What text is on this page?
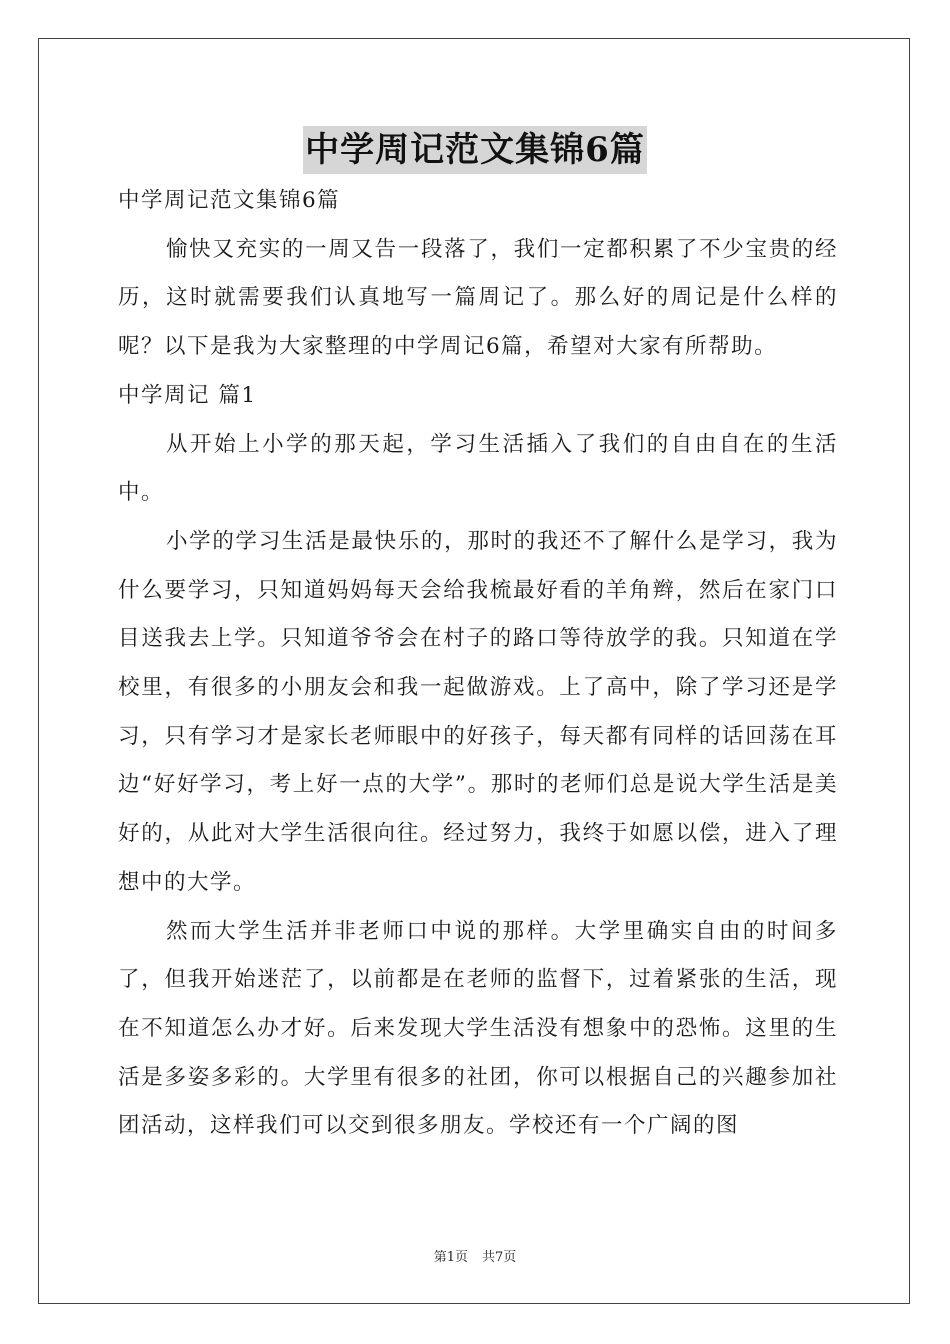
中学周记范文集锦6篇

中学周记范文集锦6篇

愉快又充实的一周又告一段落了，我们一定都积累了不少宝贵的经历，这时就需要我们认真地写一篇周记了。那么好的周记是什么样的呢？以下是我为大家整理的中学周记6篇，希望对大家有所帮助。

中学周记 篇1

从开始上小学的那天起，学习生活插入了我们的自由自在的生活中。

小学的学习生活是最快乐的，那时的我还不了解什么是学习，我为什么要学习，只知道妈妈每天会给我梳最好看的羊角辫，然后在家门口目送我去上学。只知道爷爷会在村子的路口等待放学的我。只知道在学校里，有很多的小朋友会和我一起做游戏。上了高中，除了学习还是学习，只有学习才是家长老师眼中的好孩子，每天都有同样的话回荡在耳边“好好学习，考上好一点的大学”。那时的老师们总是说大学生活是美好的，从此对大学生活很向往。经过努力，我终于如愿以偿，进入了理想中的大学。

然而大学生活并非老师口中说的那样。大学里确实自由的时间多了，但我开始迷茫了，以前都是在老师的监督下，过着紧张的生活，现在不知道怎么办才好。后来发现大学生活没有想象中的恐怖。这里的生活是多姿多彩的。大学里有很多的社团，你可以根据自己的兴趣参加社团活动，这样我们可以交到很多朋友。学校还有一个广阔的图

第1页 共7页
